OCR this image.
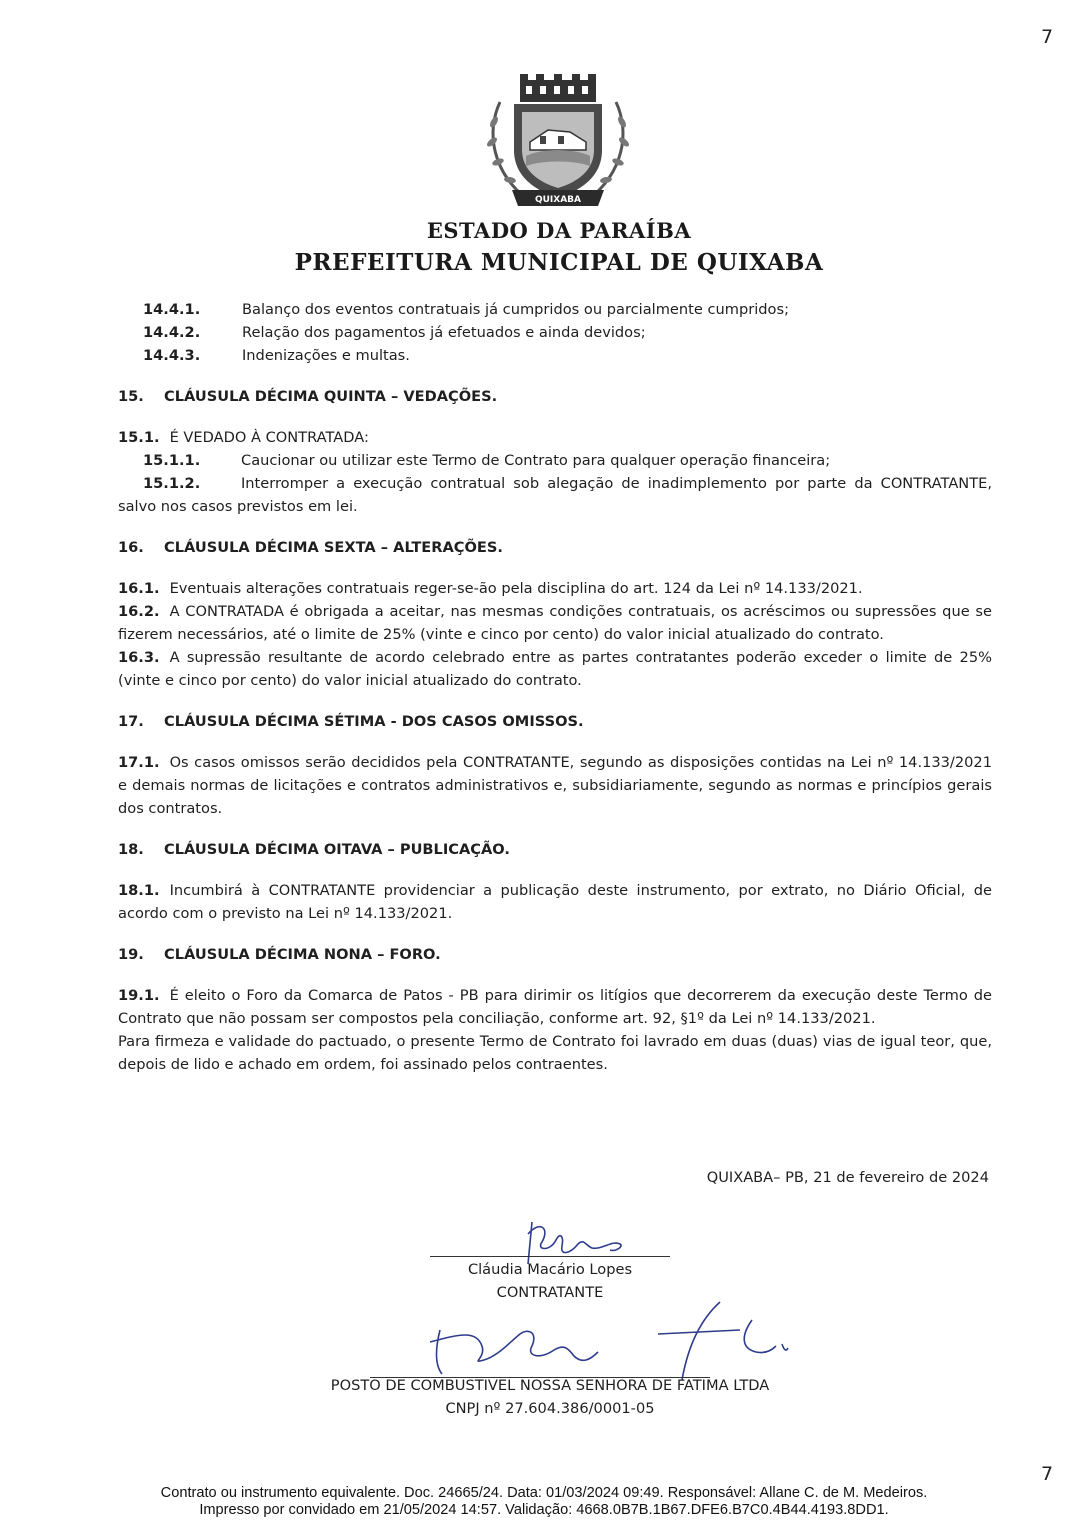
7
QUIXABA
ESTADO DA PARAÍBA
PREFEITURA MUNICIPAL DE QUIXABA
14.4.1.	Balanço dos eventos contratuais já cumpridos ou parcialmente cumpridos;
14.4.2.	Relação dos pagamentos já efetuados e ainda devidos;
14.4.3.	Indenizações e multas.
15.	CLÁUSULA DÉCIMA QUINTA – VEDAÇÕES.
15.1. É VEDADO À CONTRATADA:
15.1.1.	Caucionar ou utilizar este Termo de Contrato para qualquer operação financeira;
15.1.2.	Interromper a execução contratual sob alegação de inadimplemento por parte da CONTRATANTE, salvo nos casos previstos em lei.
16.	CLÁUSULA DÉCIMA SEXTA – ALTERAÇÕES.
16.1. Eventuais alterações contratuais reger-se-ão pela disciplina do art. 124 da Lei nº 14.133/2021.
16.2. A CONTRATADA é obrigada a aceitar, nas mesmas condições contratuais, os acréscimos ou supressões que se fizerem necessários, até o limite de 25% (vinte e cinco por cento) do valor inicial atualizado do contrato.
16.3. A supressão resultante de acordo celebrado entre as partes contratantes poderão exceder o limite de 25% (vinte e cinco por cento) do valor inicial atualizado do contrato.
17.	CLÁUSULA DÉCIMA SÉTIMA - DOS CASOS OMISSOS.
17.1. Os casos omissos serão decididos pela CONTRATANTE, segundo as disposições contidas na Lei nº 14.133/2021 e demais normas de licitações e contratos administrativos e, subsidiariamente, segundo as normas e princípios gerais dos contratos.
18.	CLÁUSULA DÉCIMA OITAVA – PUBLICAÇÃO.
18.1. Incumbirá à CONTRATANTE providenciar a publicação deste instrumento, por extrato, no Diário Oficial, de acordo com o previsto na Lei nº 14.133/2021.
19.	CLÁUSULA DÉCIMA NONA – FORO.
19.1. É eleito o Foro da Comarca de Patos - PB para dirimir os litígios que decorrerem da execução deste Termo de Contrato que não possam ser compostos pela conciliação, conforme art. 92, §1º da Lei nº 14.133/2021.
Para firmeza e validade do pactuado, o presente Termo de Contrato foi lavrado em duas (duas) vias de igual teor, que, depois de lido e achado em ordem, foi assinado pelos contraentes.
QUIXABA– PB, 21 de fevereiro de 2024
Cláudia Macário Lopes
CONTRATANTE
POSTO DE COMBUSTIVEL NOSSA SENHORA DE FATIMA LTDA
CNPJ nº 27.604.386/0001-05
7
Contrato ou instrumento equivalente. Doc. 24665/24. Data: 01/03/2024 09:49. Responsável: Allane C. de M. Medeiros.
Impresso por convidado em 21/05/2024 14:57. Validação: 4668.0B7B.1B67.DFE6.B7C0.4B44.4193.8DD1.
